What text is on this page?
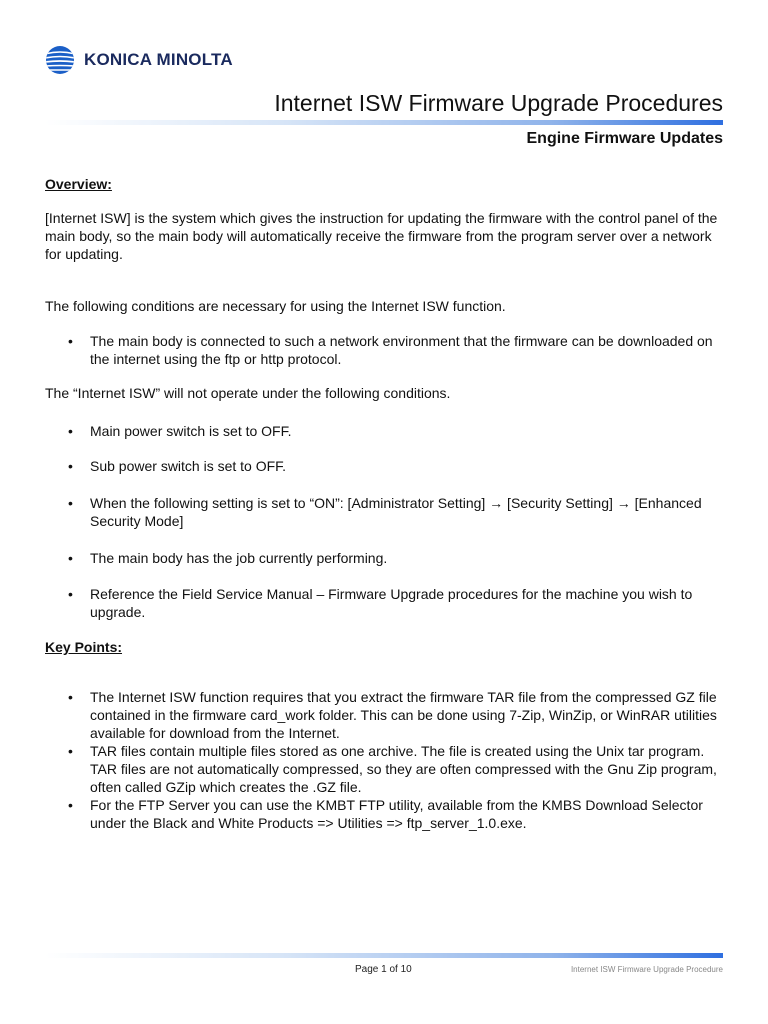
KONICA MINOLTA
Internet ISW Firmware Upgrade Procedures
Engine Firmware Updates
Overview:

[Internet ISW] is the system which gives the instruction for updating the firmware with the control panel of the main body, so the main body will automatically receive the firmware from the program server over a network for updating.

The following conditions are necessary for using the Internet ISW function.

• The main body is connected to such a network environment that the firmware can be downloaded on the internet using the ftp or http protocol.

The “Internet ISW” will not operate under the following conditions.

• Main power switch is set to OFF.
• Sub power switch is set to OFF.
• When the following setting is set to “ON”: [Administrator Setting] → [Security Setting] → [Enhanced Security Mode]
• The main body has the job currently performing.
• Reference the Field Service Manual – Firmware Upgrade procedures for the machine you wish to upgrade.
Key Points:
• The Internet ISW function requires that you extract the firmware TAR file from the compressed GZ file contained in the firmware card_work folder. This can be done using 7-Zip, WinZip, or WinRAR utilities available for download from the Internet.
• TAR files contain multiple files stored as one archive. The file is created using the Unix tar program. TAR files are not automatically compressed, so they are often compressed with the Gnu Zip program, often called GZip which creates the .GZ file.
• For the FTP Server you can use the KMBT FTP utility, available from the KMBS Download Selector under the Black and White Products => Utilities => ftp_server_1.0.exe.
Page 1 of 10	Internet ISW Firmware Upgrade Procedure
